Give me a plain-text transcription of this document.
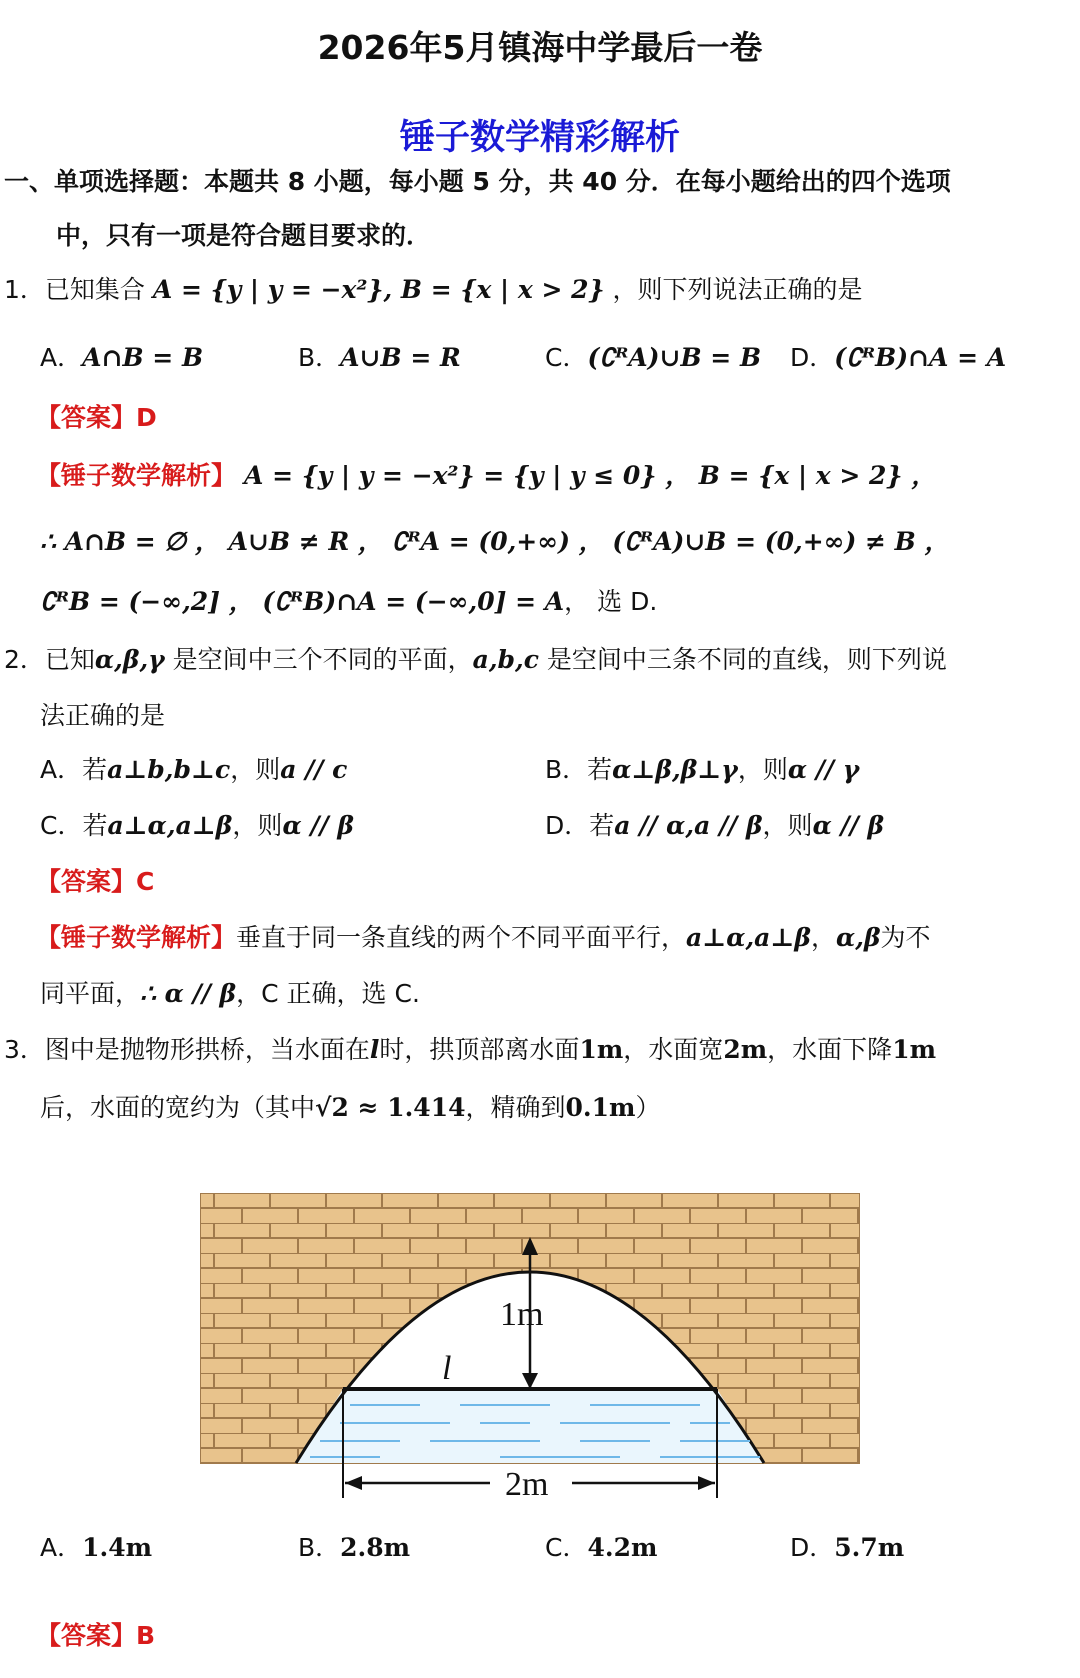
2026年5月镇海中学最后一卷
锤子数学精彩解析
一、单项选择题：本题共 8 小题，每小题 5 分，共 40 分．在每小题给出的四个选项
中，只有一项是符合题目要求的．
1．已知集合 A = {y | y = −x²}, B = {x | x > 2} ，则下列说法正确的是
A．A∩B = B	B．A∪B = R	C．(∁ᴿA)∪B = B D．(∁ᴿB)∩A = A
【答案】D
【锤子数学解析】 A = {y | y = −x²} = {y | y ≤ 0} ， B = {x | x > 2} ，
∴ A∩B = ∅ ， A∪B ≠ R ， ∁ᴿA = (0,+∞) ， (∁ᴿA)∪B = (0,+∞) ≠ B ，
∁ᴿB = (−∞,2] ， (∁ᴿB)∩A = (−∞,0] = A， 选 D.
2．已知α,β,γ 是空间中三个不同的平面，a,b,c 是空间中三条不同的直线，则下列说
法正确的是
A．若a⊥b,b⊥c，则a // c	B．若α⊥β,β⊥γ，则α // γ
C．若a⊥α,a⊥β，则α // β	D．若a // α,a // β，则α // β
【答案】C
【锤子数学解析】垂直于同一条直线的两个不同平面平行，a⊥α,a⊥β，α,β为不
同平面，∴ α // β，C 正确，选 C.
3．图中是抛物形拱桥，当水面在l时，拱顶部离水面1m，水面宽2m，水面下降1m
后，水面的宽约为（其中√2 ≈ 1.414，精确到0.1m）
1m
l
2m
A．1.4m	B．2.8m	C．4.2m	D．5.7m
【答案】B
